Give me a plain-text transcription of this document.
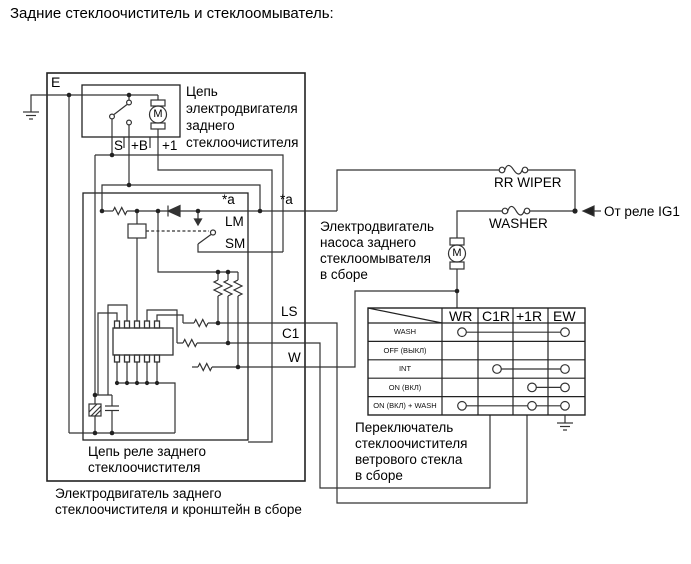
Задние стеклоочиститель и стеклоомыватель:
E
Цепь
электродвигателя
заднего
стеклоочистителя
M
S +B +1
*a	*a
LM
SM
LS
C1
W
Цепь реле заднего
стеклоочистителя
Электродвигатель заднего
стеклоочистителя и кронштейн в сборе
RR WIPER
WASHER
От реле IG1
Электродвигатель
насоса заднего
стеклоомывателя
в сборе
M
WR C1R +1R EW
WASH
OFF (ВЫКЛ)
INT
ON (ВКЛ)
ON (ВКЛ) + WASH
Переключатель
стеклоочистителя
ветрового стекла
в сборе
